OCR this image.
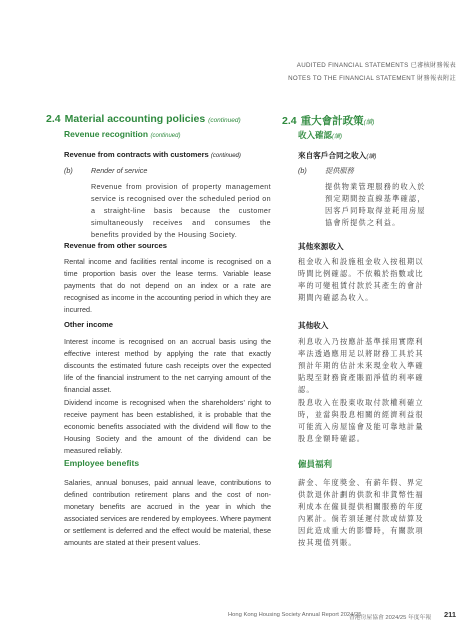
AUDITED FINANCIAL STATEMENTS 已審核財務報表
NOTES TO THE FINANCIAL STATEMENT 財務報表附註

2.4 Material accounting policies (continued)

Revenue recognition (continued)

Revenue from contracts with customers (continued)

(b)	Render of service

Revenue from provision of property management service is recognised over the scheduled period on a straight-line basis because the customer simultaneously receives and consumes the benefits provided by the Housing Society.

Revenue from other sources

Rental income and facilities rental income is recognised on a time proportion basis over the lease terms. Variable lease payments that do not depend on an index or a rate are recognised as income in the accounting period in which they are incurred.

Other income

Interest income is recognised on an accrual basis using the effective interest method by applying the rate that exactly discounts the estimated future cash receipts over the expected life of the financial instrument to the net carrying amount of the financial asset.

Dividend income is recognised when the shareholders’ right to receive payment has been established, it is probable that the economic benefits associated with the dividend will flow to the Housing Society and the amount of the dividend can be measured reliably.

Employee benefits

Salaries, annual bonuses, paid annual leave, contributions to defined contribution retirement plans and the cost of non-monetary benefits are accrued in the year in which the associated services are rendered by employees. Where payment or settlement is deferred and the effect would be material, these amounts are stated at their present values.

2.4 重大會計政策(續)

收入確認(續)

來自客戶合同之收入(續)

(b)	提供服務

提供物業管理服務的收入於預定期間按直線基準確認，因客戶同時取得並耗用房屋協會所提供之利益。

其他來源收入

租金收入和設施租金收入按租期以時間比例確認。不依賴於指數或比率的可變租賃付款於其產生的會計期間內確認為收入。

其他收入

利息收入乃按應計基準採用實際利率法透過應用足以將財務工具於其預計年期的估計未來現金收入準確貼現至財務資產賬面淨值的利率確認。

股息收入在股東收取付款權利確立時，並當與股息相關的經濟利益很可能流入房屋協會及能可靠地計量股息金額時確認。

僱員福利

薪金、年度獎金、有薪年假、界定供款退休計劃的供款和非貨幣性福利成本在僱員提供相關服務的年度內累計。倘若須延遲付款或結算及因此造成重大的影響時，有關款項按其現值列賬。

Hong Kong Housing Society Annual Report 2024/25
香港房屋協會 2024/25 年度年報 211
